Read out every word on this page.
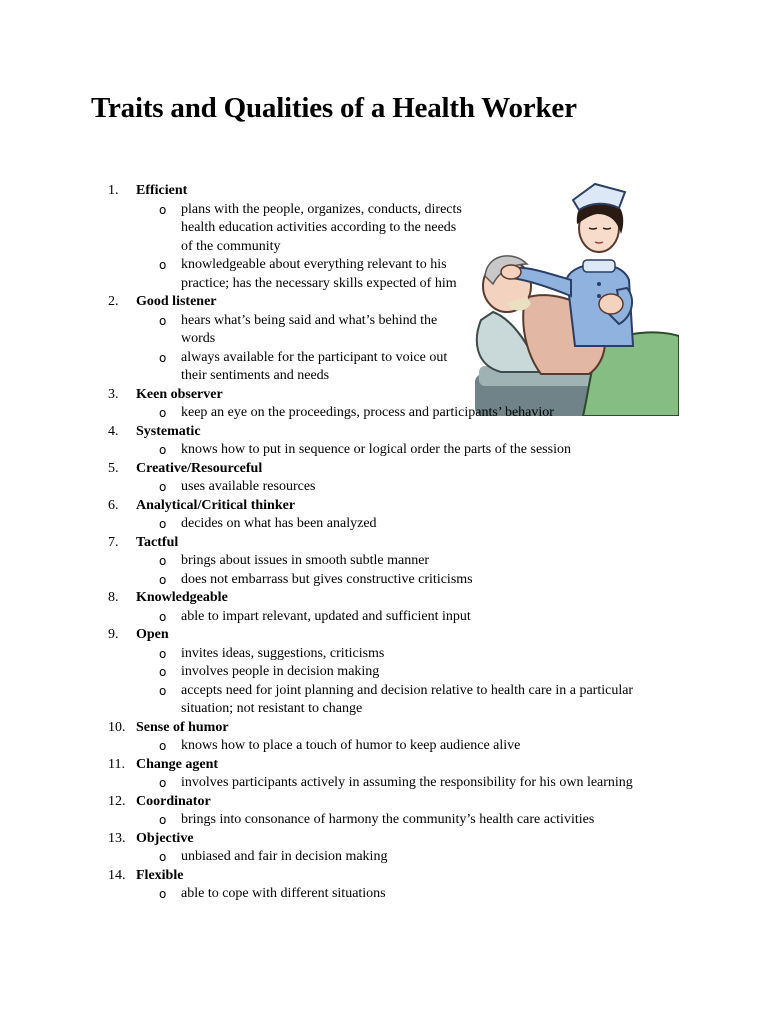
Traits and Qualities of a Health Worker
1.	Efficient
o plans with the people, organizes, conducts, directs health education activities according to the needs of the community
o knowledgeable about everything relevant to his practice; has the necessary skills expected of him
2.	Good listener
o hears what’s being said and what’s behind the words
o always available for the participant to voice out their sentiments and needs
3.	Keen observer
o keep an eye on the proceedings, process and participants’ behavior
4.	Systematic
o knows how to put in sequence or logical order the parts of the session
5.	Creative/Resourceful
o uses available resources
6.	Analytical/Critical thinker
o decides on what has been analyzed
7.	Tactful
o brings about issues in smooth subtle manner
o does not embarrass but gives constructive criticisms
8.	Knowledgeable
o able to impart relevant, updated and sufficient input
9.	Open
o invites ideas, suggestions, criticisms
o involves people in decision making
o accepts need for joint planning and decision relative to health care in a particular situation; not resistant to change
10. Sense of humor
o knows how to place a touch of humor to keep audience alive
11. Change agent
o involves participants actively in assuming the responsibility for his own learning
12. Coordinator
o brings into consonance of harmony the community’s health care activities
13. Objective
o unbiased and fair in decision making
14. Flexible
o able to cope with different situations
